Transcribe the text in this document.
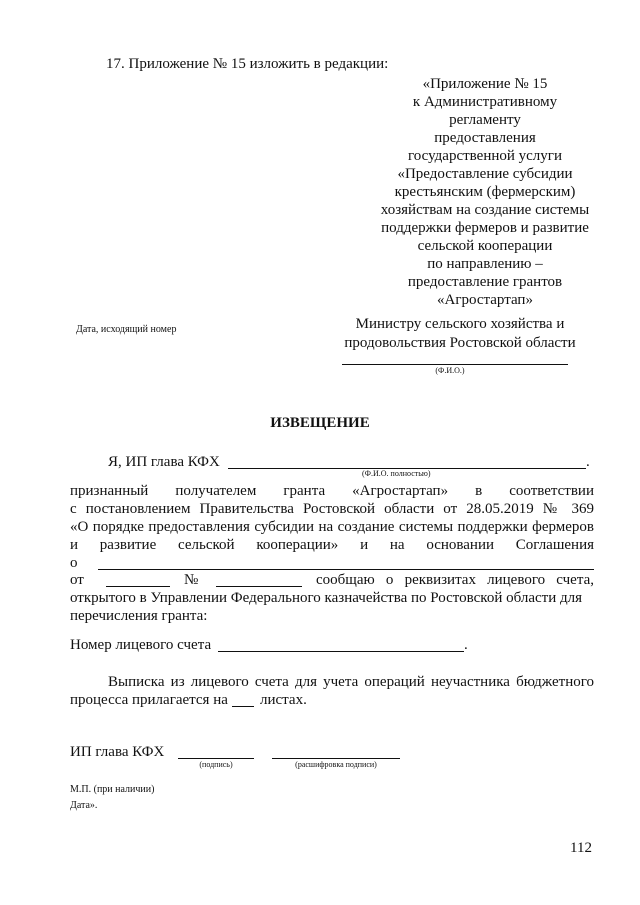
17. Приложение № 15 изложить в редакции:
«Приложение № 15
к Административному
регламенту
предоставления
государственной услуги
«Предоставление субсидии
крестьянским (фермерским)
хозяйствам на создание системы
поддержки фермеров и развитие
сельской кооперации
по направлению –
предоставление грантов
«Агростартап»
Дата, исходящий номер	Министру сельского хозяйства и
продовольствия Ростовской области
(Ф.И.О.)
ИЗВЕЩЕНИЕ
Я, ИП глава КФХ	.
(Ф.И.О. полностью)
признанный получателем гранта «Агростартап» в соответствии
с постановлением Правительства Ростовской области от 28.05.2019 № 369
«О порядке предоставления субсидии на создание системы поддержки фермеров
и развитие сельской кооперации» и на основании Соглашения
о
от	№	сообщаю о реквизитах лицевого счета,
открытого в Управлении Федерального казначейства по Ростовской области для
перечисления гранта:
Номер лицевого счета	.
Выписка из лицевого счета для учета операций неучастника бюджетного
процесса прилагается на листах.
ИП глава КФХ
(подпись)	(расшифровка подписи)
М.П. (при наличии)
Дата».
112
